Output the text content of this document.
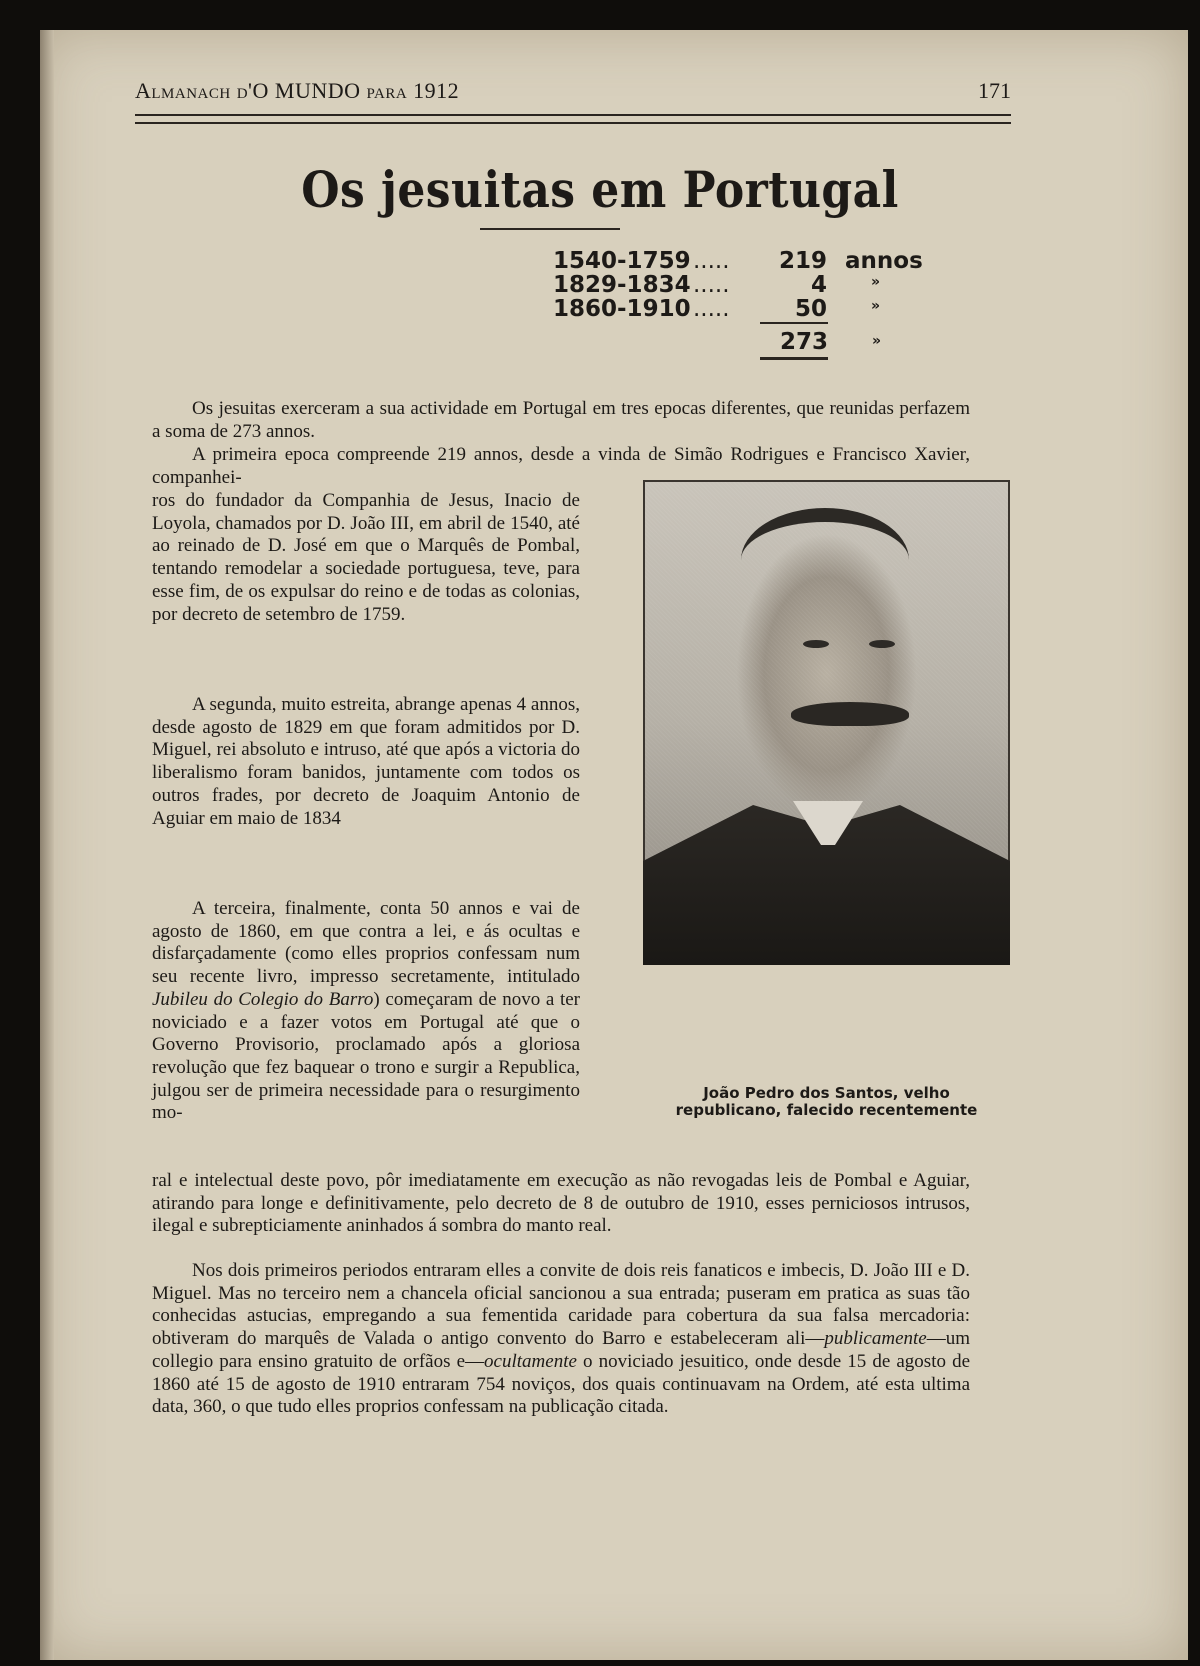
Almanach d'O MUNDO para 1912	171
Os jesuitas em Portugal
1540-1759 .....	219 annos
1829-1834 .....	4	»
1860-1910 .....	50	»
273	»

Os jesuitas exerceram a sua actividade em Portugal em tres epocas diferentes, que reunidas perfazem a soma de 273 annos.

A primeira epoca compreende 219 annos, desde a vinda de Simão Rodrigues e Francisco Xavier, companhei-

ros do fundador da Companhia de Jesus, Inacio de Loyola, chamados por D. João III, em abril de 1540, até ao reinado de D. José em que o Marquês de Pombal, tentando remodelar a sociedade portuguesa, teve, para esse fim, de os expulsar do reino e de todas as colonias, por decreto de setembro de 1759.

A segunda, muito estreita, abrange apenas 4 annos, desde agosto de 1829 em que foram admitidos por D. Miguel, rei absoluto e intruso, até que após a victoria do liberalismo foram banidos, juntamente com todos os outros frades, por decreto de Joaquim Antonio de Aguiar em maio de 1834

A terceira, finalmente, conta 50 annos e vai de agosto de 1860, em que contra a lei, e ás ocultas e disfarçadamente (como elles proprios confessam num seu recente livro, impresso secretamente, intitulado Jubileu do Colegio do Barro) começaram de novo a ter noviciado e a fazer votos em Portugal até que o Governo Provisorio, proclamado após a gloriosa revolução que fez baquear o trono e surgir a Republica, julgou ser de primeira necessidade para o resurgimento mo-

ral e intelectual deste povo, pôr imediatamente em execução as não revogadas leis de Pombal e Aguiar, atirando para longe e definitivamente, pelo decreto de 8 de outubro de 1910, esses perniciosos intrusos, ilegal e subrepticiamente aninhados á sombra do manto real.

Nos dois primeiros periodos entraram elles a convite de dois reis fanaticos e imbecis, D. João III e D. Miguel. Mas no terceiro nem a chancela oficial sancionou a sua entrada; puseram em pratica as suas tão conhecidas astucias, empregando a sua fementida caridade para cobertura da sua falsa mercadoria: obtiveram do marquês de Valada o antigo convento do Barro e estabeleceram ali—publicamente—um collegio para ensino gratuito de orfãos e—ocultamente o noviciado jesuitico, onde desde 15 de agosto de 1860 até 15 de agosto de 1910 entraram 754 noviços, dos quais continuavam na Ordem, até esta ultima data, 360, o que tudo elles proprios confessam na publicação citada.

João Pedro dos Santos, velho republicano, falecido recentemente
